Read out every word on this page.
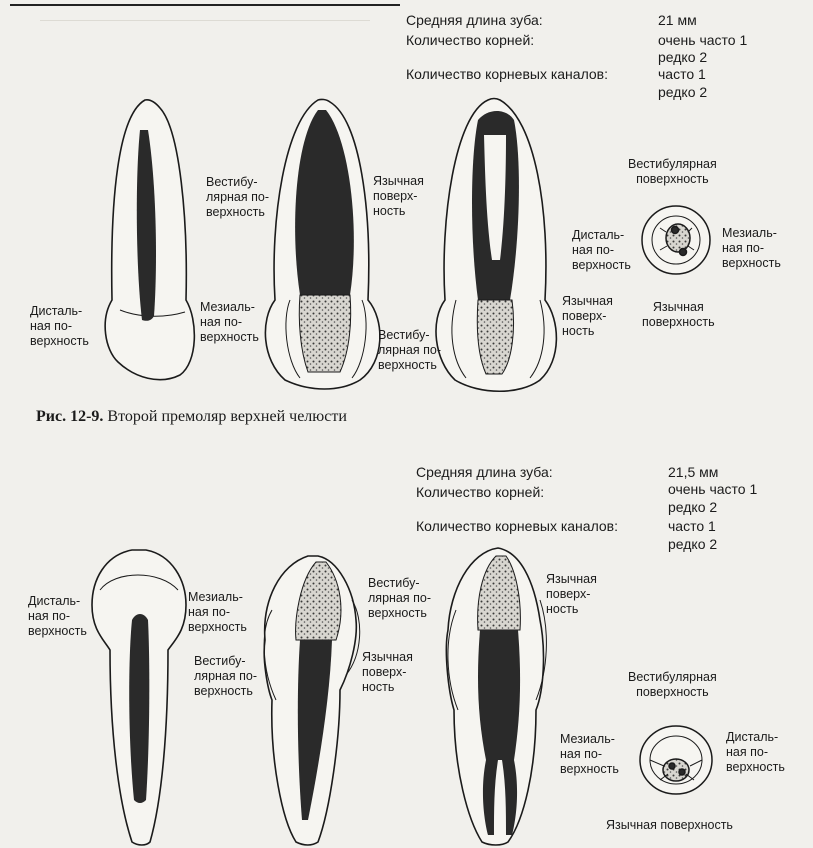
Средняя длина зуба:	21 мм
Количество корней:	очень часто 1
редко 2
Количество корневых каналов:	часто 1
редко 2
Дисталь-
ная по-
верхность
Вестибу-
лярная по-
верхность
Мезиаль-
ная по-
верхность
Язычная
поверх-
ность
Вестибу-
лярная по-
верхность
Язычная
поверх-
ность
Вестибулярная
поверхность
Дисталь-
ная по-
верхность
Мезиаль-
ная по-
верхность
Язычная
поверхность
Рис. 12-9. Второй премоляр верхней челюсти
Средняя длина зуба:	21,5 мм
Количество корней:	очень часто 1
редко 2
Количество корневых каналов:	часто 1
редко 2
Дисталь-
ная по-
верхность
Мезиаль-
ная по-
верхность
Вестибу-
лярная по-
верхность
Вестибу-
лярная по-
верхность
Язычная
поверх-
ность
Язычная
поверх-
ность
Вестибулярная
поверхность
Мезиаль-
ная по-
верхность
Дисталь-
ная по-
верхность
Язычная поверхность
